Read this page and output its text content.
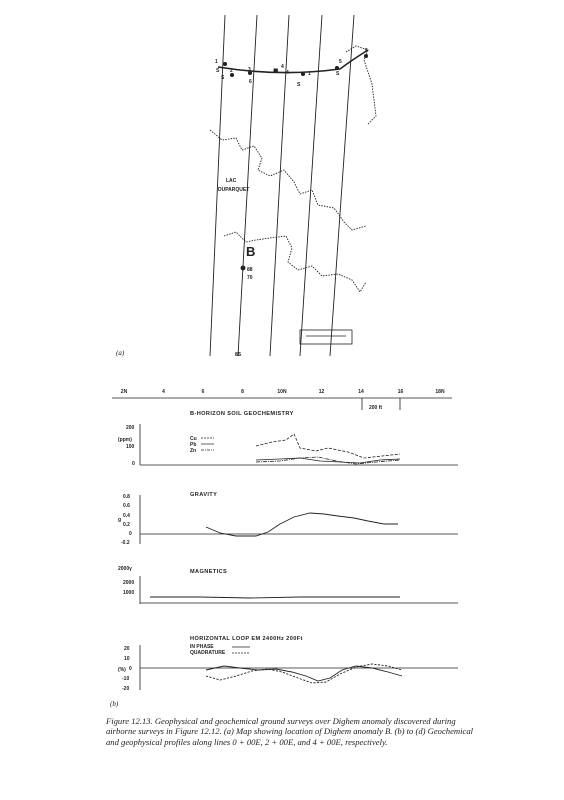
1
2	3	4
5
5
S
S
S
S
1
4
6
LAC
DUPARQUET
B
88
70
8S
(a)
2N	4	6	8	10N	12	14	16	18N
200 ft
B-HORIZON SOIL GEOCHEMISTRY
(ppm)
200
100
0
Cu
Pb
Zn
GRAVITY
g
0.8
0.6
0.4
0.2
0
-0.2
2000γ	MAGNETICS
2000
1000
HORIZONTAL LOOP EM 2400Hz 200Ft
IN PHASE
QUADRATURE
(%)
20
10
0
-10
-20
(b)

Figure 12.13. Geophysical and geochemical ground surveys over Dighem anomaly discovered during airborne surveys in Figure 12.12. (a) Map showing location of Dighem anomaly B. (b) to (d) Geochemical and geophysical profiles along lines 0 + 00E, 2 + 00E, and 4 + 00E, respectively.
